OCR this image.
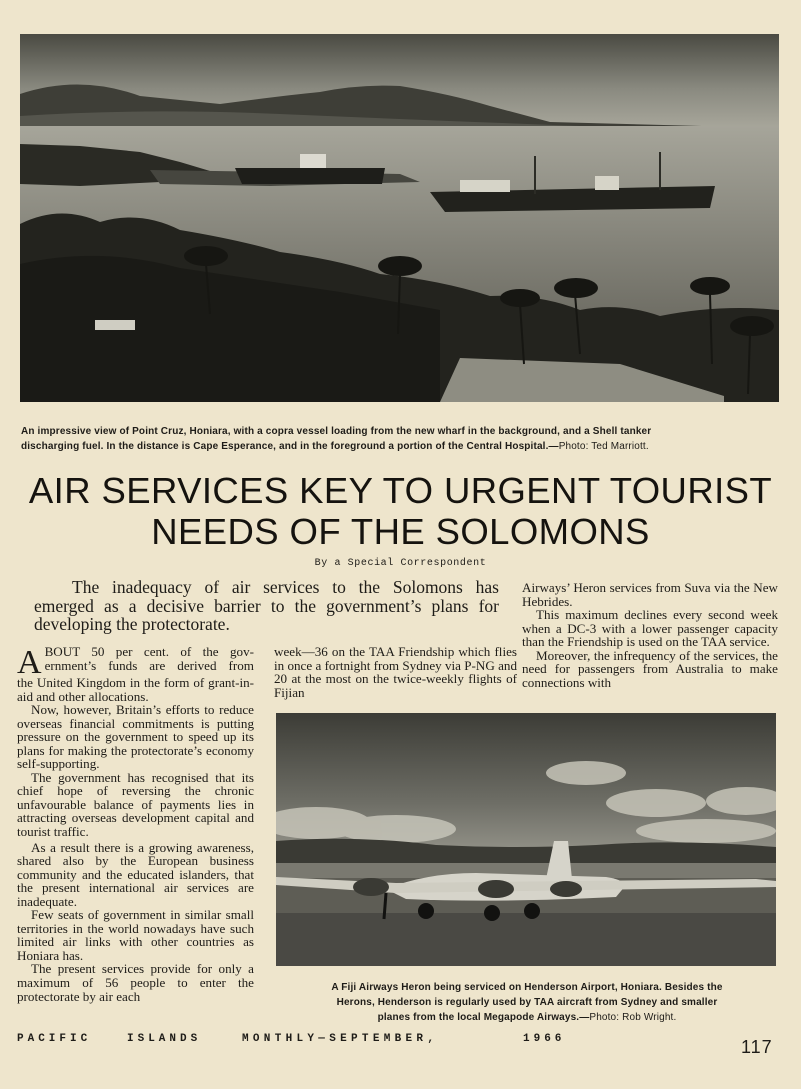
An impressive view of Point Cruz, Honiara, with a copra vessel loading from the new wharf in the background, and a Shell tanker
discharging fuel. In the distance is Cape Esperance, and in the foreground a portion of the Central Hospital.—Photo: Ted Marriott.
AIR SERVICES KEY TO URGENT TOURIST
NEEDS OF THE SOLOMONS
By a Special Correspondent
The inadequacy of air services to the Solomons has
emerged as a decisive barrier to the government’s plans for
developing the protectorate.

A BOUT 50 per cent. of the gov-
ernment’s funds are derived from
the United Kingdom in the form of grant-in-aid and other allocations.

Now, however, Britain’s efforts to reduce overseas financial commitments is putting pressure on the government to speed up its plans for making the protectorate’s economy self-supporting.

The government has recognised that its chief hope of reversing the chronic unfavourable balance of payments lies in attracting overseas development capital and tourist traffic.

As a result there is a growing awareness, shared also by the European business community and the educated islanders, that the present international air services are inadequate.

Few seats of government in similar small territories in the world nowadays have such limited air links with other countries as Honiara has.

The present services provide for only a maximum of 56 people to enter the protectorate by air each

week—36 on the TAA Friendship which flies in once a fortnight from Sydney via P-NG and 20 at the most on the twice-weekly flights of Fijian

Airways’ Heron services from Suva via the New Hebrides.

This maximum declines every second week when a DC-3 with a lower passenger capacity than the Friendship is used on the TAA service.

Moreover, the infrequency of the services, the need for passengers from Australia to make connections with

A Fiji Airways Heron being serviced on Henderson Airport, Honiara. Besides the
Herons, Henderson is regularly used by TAA aircraft from Sydney and smaller
planes from the local Megapode Airways.—Photo: Rob Wright.
PACIFIC	ISLANDS	MONTHLY—SEPTEMBER,	1966	117
